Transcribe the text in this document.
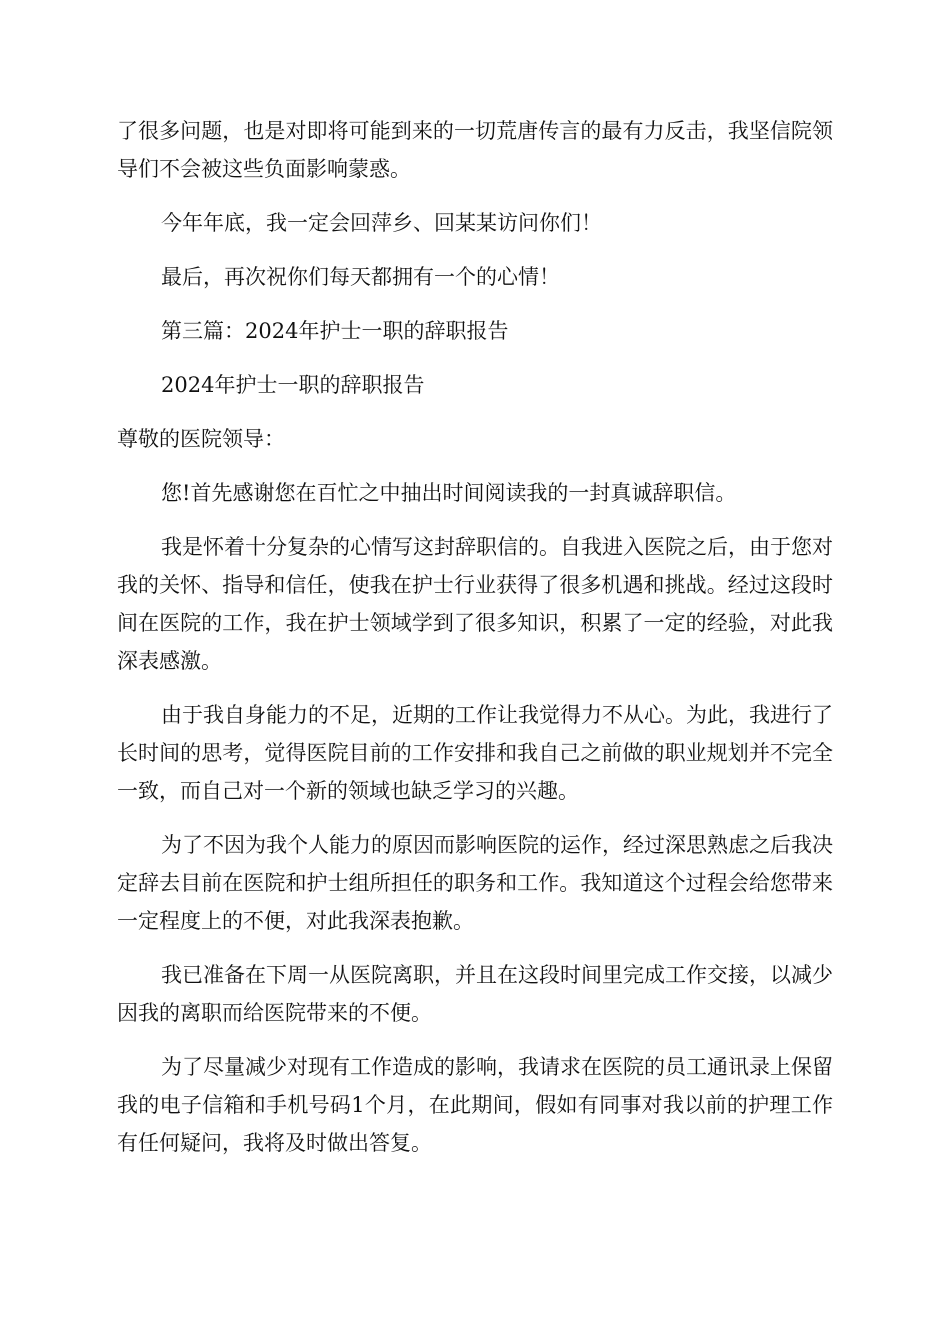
了很多问题，也是对即将可能到来的一切荒唐传言的最有力反击，我坚信院领导们不会被这些负面影响蒙惑。

今年年底，我一定会回萍乡、回某某访问你们！

最后，再次祝你们每天都拥有一个的心情！

第三篇：2024年护士一职的辞职报告

2024年护士一职的辞职报告

尊敬的医院领导：

您!首先感谢您在百忙之中抽出时间阅读我的一封真诚辞职信。

我是怀着十分复杂的心情写这封辞职信的。自我进入医院之后，由于您对我的关怀、指导和信任，使我在护士行业获得了很多机遇和挑战。经过这段时间在医院的工作，我在护士领域学到了很多知识，积累了一定的经验，对此我深表感激。

由于我自身能力的不足，近期的工作让我觉得力不从心。为此，我进行了长时间的思考，觉得医院目前的工作安排和我自己之前做的职业规划并不完全一致，而自己对一个新的领域也缺乏学习的兴趣。

为了不因为我个人能力的原因而影响医院的运作，经过深思熟虑之后我决定辞去目前在医院和护士组所担任的职务和工作。我知道这个过程会给您带来一定程度上的不便，对此我深表抱歉。

我已准备在下周一从医院离职，并且在这段时间里完成工作交接，以减少因我的离职而给医院带来的不便。

为了尽量减少对现有工作造成的影响，我请求在医院的员工通讯录上保留我的电子信箱和手机号码1个月，在此期间，假如有同事对我以前的护理工作有任何疑问，我将及时做出答复。
